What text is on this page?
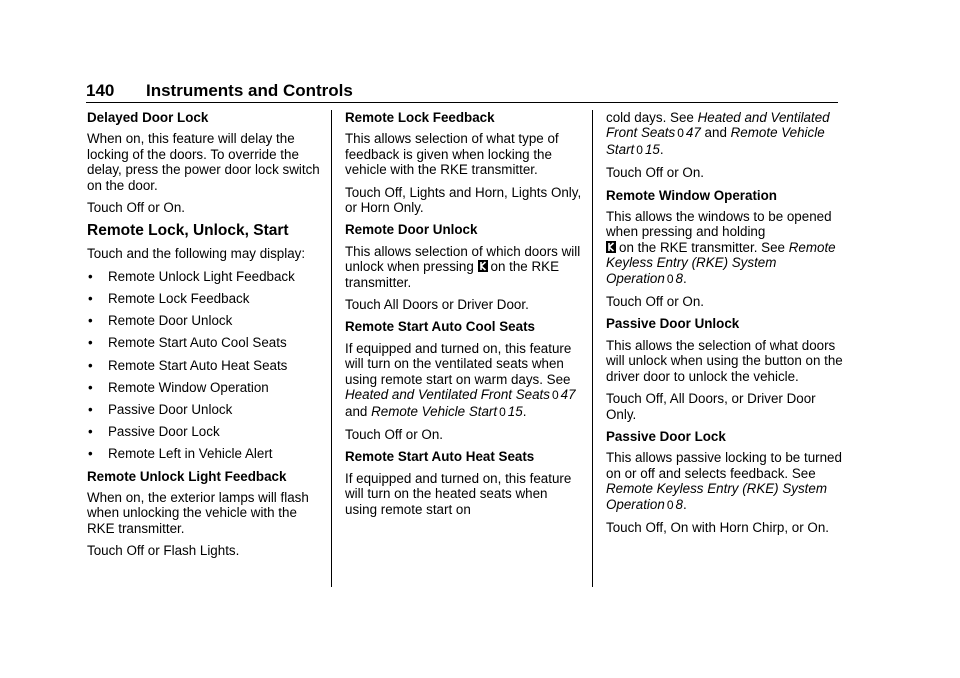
140 Instruments and Controls
Delayed Door Lock
When on, this feature will delay the locking of the doors. To override the delay, press the power door lock switch on the door.
Touch Off or On.
Remote Lock, Unlock, Start
Touch and the following may display:
• Remote Unlock Light Feedback
• Remote Lock Feedback
• Remote Door Unlock
• Remote Start Auto Cool Seats
• Remote Start Auto Heat Seats
• Remote Window Operation
• Passive Door Unlock
• Passive Door Lock
• Remote Left in Vehicle Alert
Remote Unlock Light Feedback
When on, the exterior lamps will flash when unlocking the vehicle with the RKE transmitter.
Touch Off or Flash Lights.
Remote Lock Feedback
This allows selection of what type of feedback is given when locking the vehicle with the RKE transmitter.
Touch Off, Lights and Horn, Lights Only, or Horn Only.
Remote Door Unlock
This allows selection of which doors will unlock when pressing on the RKE transmitter.
Touch All Doors or Driver Door.
Remote Start Auto Cool Seats
If equipped and turned on, this feature will turn on the ventilated seats when using remote start on warm days. See Heated and Ventilated Front Seats 0 47 and Remote Vehicle Start 0 15.
Touch Off or On.
Remote Start Auto Heat Seats
If equipped and turned on, this feature will turn on the heated seats when using remote start on
cold days. See Heated and Ventilated Front Seats 0 47 and Remote Vehicle Start 0 15.
Touch Off or On.
Remote Window Operation
This allows the windows to be opened when pressing and holding
on the RKE transmitter. See Remote Keyless Entry (RKE) System Operation 0 8.
Touch Off or On.
Passive Door Unlock
This allows the selection of what doors will unlock when using the button on the driver door to unlock the vehicle.
Touch Off, All Doors, or Driver Door Only.
Passive Door Lock
This allows passive locking to be turned on or off and selects feedback. See Remote Keyless Entry (RKE) System Operation 0 8.
Touch Off, On with Horn Chirp, or On.
